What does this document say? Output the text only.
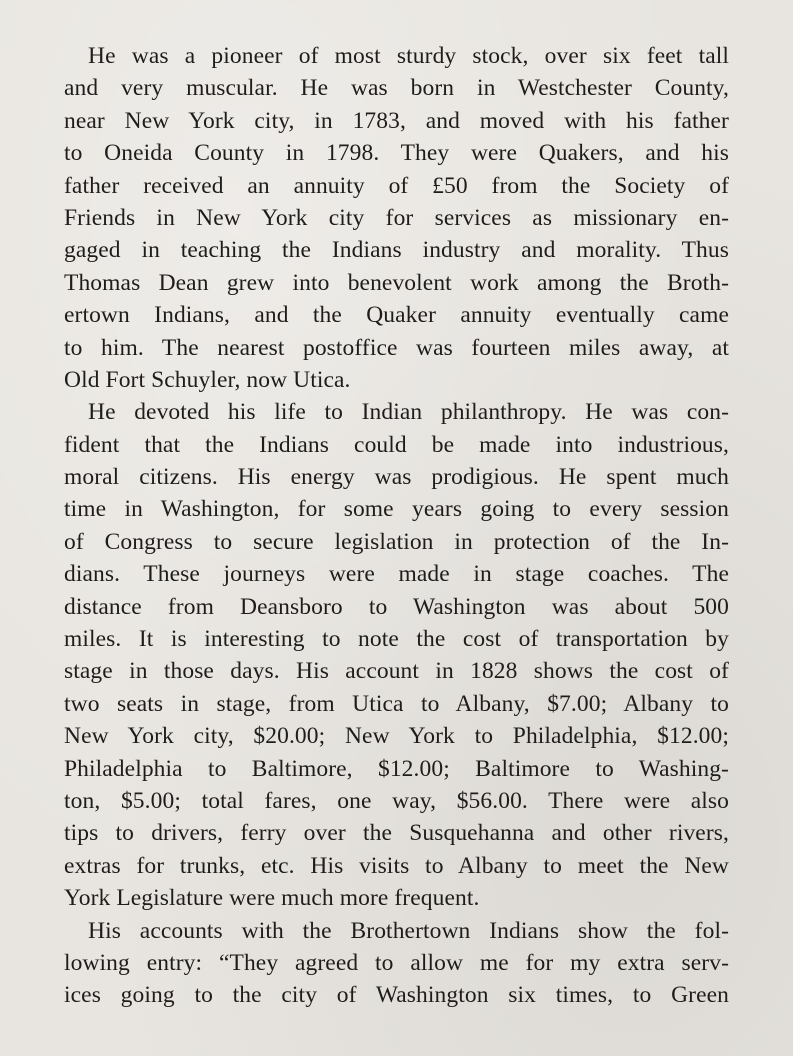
He was a pioneer of most sturdy stock, over six feet tall
and very muscular. He was born in Westchester County,
near New York city, in 1783, and moved with his father
to Oneida County in 1798. They were Quakers, and his
father received an annuity of £50 from the Society of
Friends in New York city for services as missionary en-
gaged in teaching the Indians industry and morality. Thus
Thomas Dean grew into benevolent work among the Broth-
ertown Indians, and the Quaker annuity eventually came
to him. The nearest postoffice was fourteen miles away, at
Old Fort Schuyler, now Utica.
He devoted his life to Indian philanthropy. He was con-
fident that the Indians could be made into industrious,
moral citizens. His energy was prodigious. He spent much
time in Washington, for some years going to every session
of Congress to secure legislation in protection of the In-
dians. These journeys were made in stage coaches. The
distance from Deansboro to Washington was about 500
miles. It is interesting to note the cost of transportation by
stage in those days. His account in 1828 shows the cost of
two seats in stage, from Utica to Albany, $7.00; Albany to
New York city, $20.00; New York to Philadelphia, $12.00;
Philadelphia to Baltimore, $12.00; Baltimore to Washing-
ton, $5.00; total fares, one way, $56.00. There were also
tips to drivers, ferry over the Susquehanna and other rivers,
extras for trunks, etc. His visits to Albany to meet the New
York Legislature were much more frequent.
His accounts with the Brothertown Indians show the fol-
lowing entry: “They agreed to allow me for my extra serv-
ices going to the city of Washington six times, to Green
